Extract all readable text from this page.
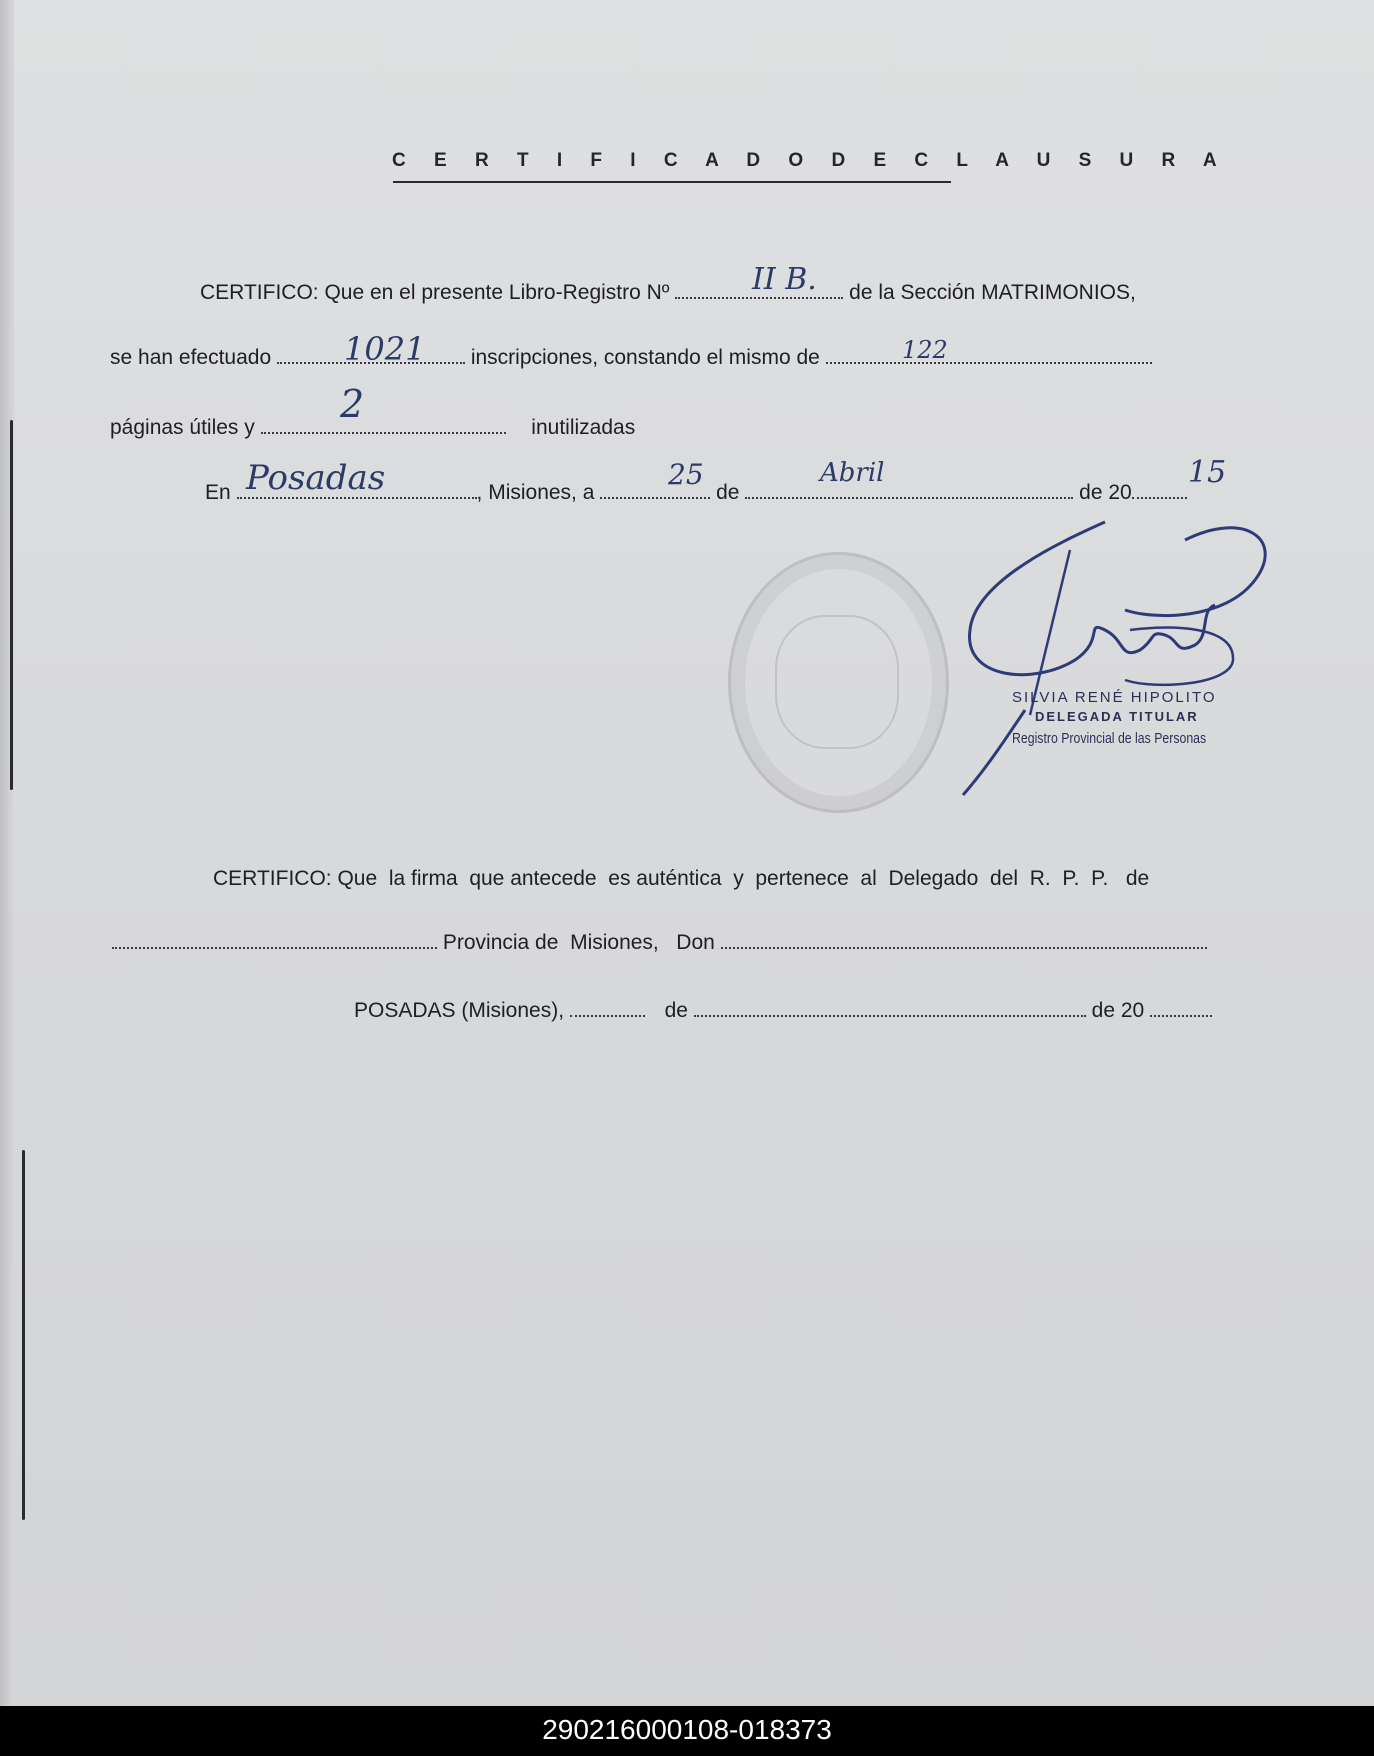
C E R T I F I C A D O D E C L A U S U R A
CERTIFICO: Que en el presente Libro-Registro Nº	de la Sección MATRIMONIOS,
II B.
se han efectuado	inscripciones, constando el mismo de
1021	122
páginas útiles y	inutilizadas
2
En	, Misiones, a	de	de 20
Posadas	25	Abril	15
SILVIA RENÉ HIPOLITO
DELEGADA TITULAR
Registro Provincial de las Personas
CERTIFICO: Que  la firma  que antecede  es auténtica  y  pertenece  al  Delegado  del  R.  P.  P.   de
Provincia de  Misiones,   Don
POSADAS (Misiones),	de	de 20
290216000108-018373
